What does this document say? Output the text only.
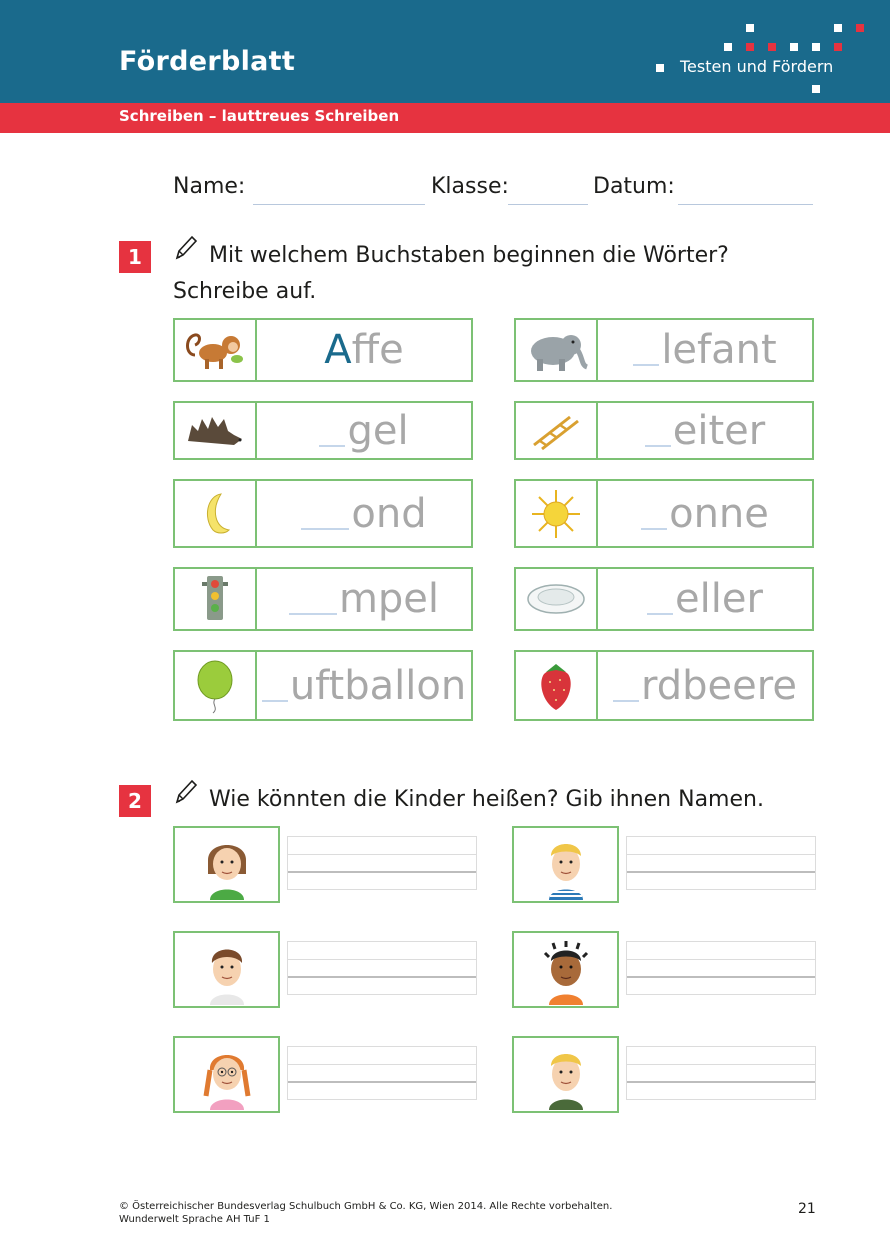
Förderblatt	Testen und Fördern
Schreiben – lauttreues Schreiben
Name:	Klasse:	Datum:
1	Mit welchem Buchstaben beginnen die Wörter?
Schreibe auf.
A ffe	lefant
gel	eiter
ond	onne
mpel	eller
uftballon	rdbeere
2	Wie könnten die Kinder heißen? Gib ihnen Namen.
© Österreichischer Bundesverlag Schulbuch GmbH & Co. KG, Wien 2014. Alle Rechte vorbehalten.
Wunderwelt Sprache AH TuF 1
21
